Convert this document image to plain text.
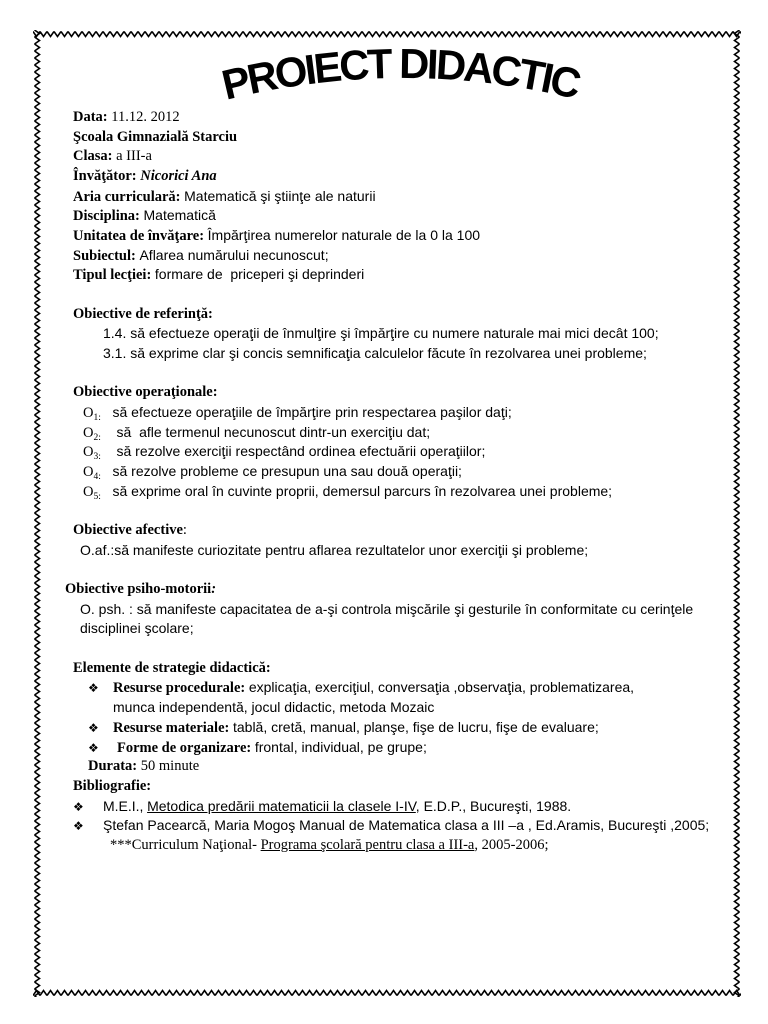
PROIECT DIDACTIC
Data: 11.12. 2012
Şcoala Gimnazială Starciu
Clasa: a III-a
Învăţător: Nicorici Ana
Aria curriculară: Matematică şi ştiinţe ale naturii
Disciplina: Matematică
Unitatea de învăţare: Împărţirea numerelor naturale de la 0 la 100
Subiectul: Aflarea numărului necunoscut;
Tipul lecţiei: formare de  priceperi şi deprinderi
Obiective de referinţă:
1.4. să efectueze operaţii de înmulţire şi împărţire cu numere naturale mai mici decât 100;
3.1. să exprime clar şi concis semnificaţia calculelor făcute în rezolvarea unei probleme;
Obiective operaţionale:
$O_{1:}$ să efectueze operaţiile de împărţire prin respectarea paşilor daţi;
$O_{2:}$ să  afle termenul necunoscut dintr-un exerciţiu dat;
$O_{3:}$ să rezolve exerciţii respectând ordinea efectuării operaţiilor;
$O_{4:}$ să rezolve probleme ce presupun una sau două operaţii;
$O_{5:}$ să exprime oral în cuvinte proprii, demersul parcurs în rezolvarea unei probleme;
Obiective afective:
O.af.:să manifeste curiozitate pentru aflarea rezultatelor unor exerciţii şi probleme;
Obiective psiho-motorii:
O. psh. : să manifeste capacitatea de a-şi controla mişcările şi gesturile în conformitate cu cerinţele
disciplinei şcolare;
Elemente de strategie didactică:
❖Resurse procedurale: explicaţia, exerciţiul, conversaţia ,observaţia, problematizarea,
munca independentă, jocul didactic, metoda Mozaic
❖Resurse materiale: tablă, cretă, manual, planşe, fişe de lucru, fişe de evaluare;
❖Forme de organizare: frontal, individual, pe grupe;
Durata: 50 minute
Bibliografie:
❖M.E.I., Metodica predării matematicii la clasele I-IV, E.D.P., Bucureşti, 1988.
❖Ştefan Pacearcă, Maria Mogoş Manual de Matematica clasa a III –a , Ed.Aramis, Bucureşti ,2005;
***Curriculum Naţional- Programa şcolară pentru clasa a III-a, 2005-2006;
